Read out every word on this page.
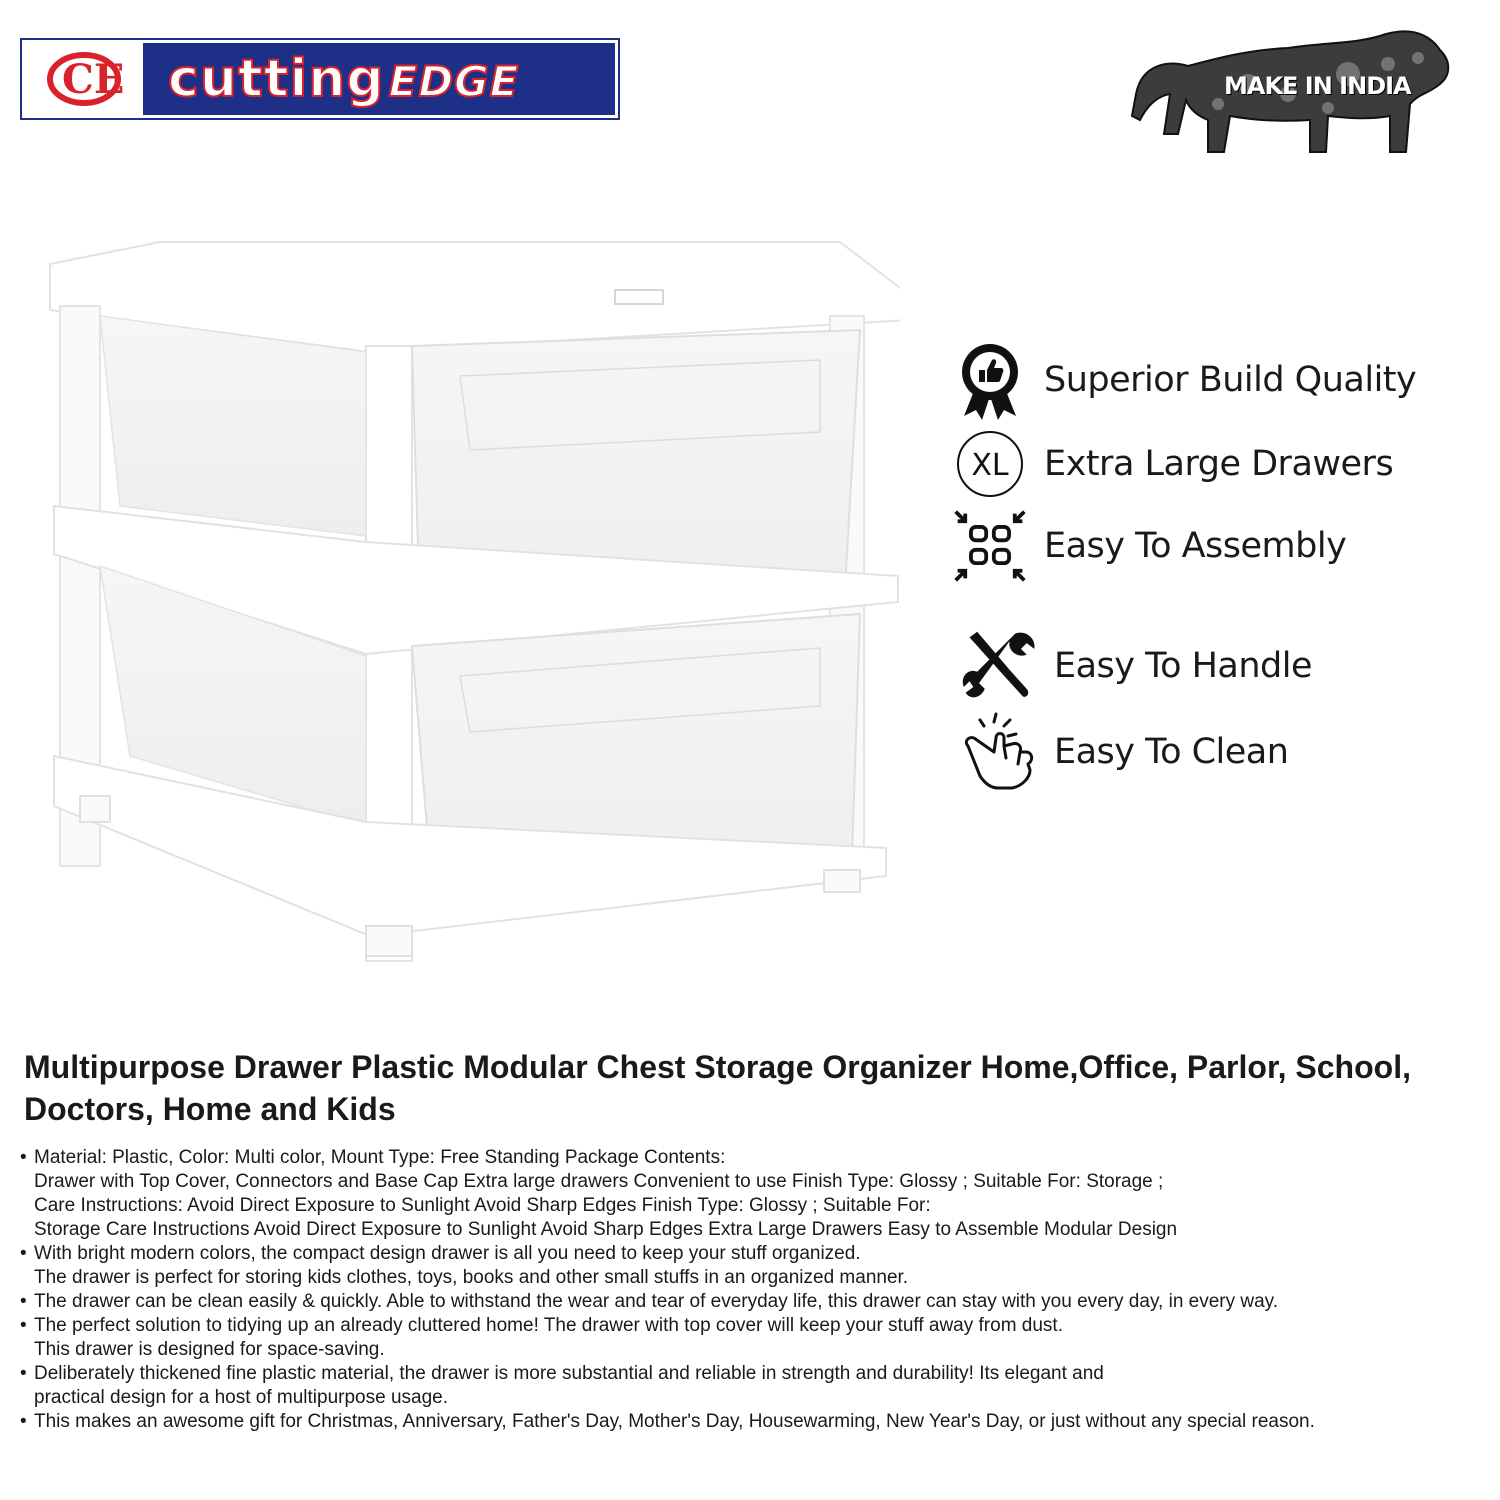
CE cuttingEDGE	MAKE IN INDIA
Superior Build Quality
XL Extra Large Drawers
Easy To Assembly
Easy To Handle
Easy To Clean
Multipurpose Drawer Plastic Modular Chest Storage Organizer Home,Office, Parlor, School, Doctors, Home and Kids
• Material: Plastic, Color: Multi color, Mount Type: Free Standing Package Contents:
Drawer with Top Cover, Connectors and Base Cap Extra large drawers Convenient to use Finish Type: Glossy ; Suitable For: Storage ;
Care Instructions: Avoid Direct Exposure to Sunlight Avoid Sharp Edges Finish Type: Glossy ; Suitable For:
Storage Care Instructions Avoid Direct Exposure to Sunlight Avoid Sharp Edges Extra Large Drawers Easy to Assemble Modular Design
• With bright modern colors, the compact design drawer is all you need to keep your stuff organized.
The drawer is perfect for storing kids clothes, toys, books and other small stuffs in an organized manner.
• The drawer can be clean easily & quickly. Able to withstand the wear and tear of everyday life, this drawer can stay with you every day, in every way.
• The perfect solution to tidying up an already cluttered home! The drawer with top cover will keep your stuff away from dust.
This drawer is designed for space-saving.
• Deliberately thickened fine plastic material, the drawer is more substantial and reliable in strength and durability! Its elegant and
practical design for a host of multipurpose usage.
• This makes an awesome gift for Christmas, Anniversary, Father's Day, Mother's Day, Housewarming, New Year's Day, or just without any special reason.
